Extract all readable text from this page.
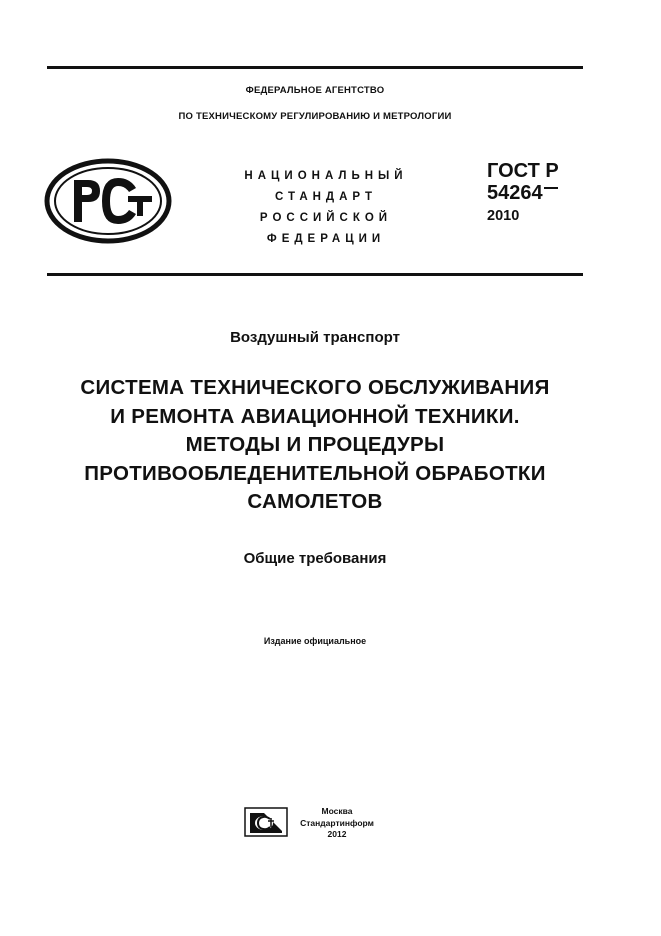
ФЕДЕРАЛЬНОЕ АГЕНТСТВО
ПО ТЕХНИЧЕСКОМУ РЕГУЛИРОВАНИЮ И МЕТРОЛОГИИ
НАЦИОНАЛЬНЫЙ
СТАНДАРТ
РОССИЙСКОЙ
ФЕДЕРАЦИИ
ГОСТ Р
54264
2010
Воздушный транспорт
СИСТЕМА ТЕХНИЧЕСКОГО ОБСЛУЖИВАНИЯ
И РЕМОНТА АВИАЦИОННОЙ ТЕХНИКИ.
МЕТОДЫ И ПРОЦЕДУРЫ
ПРОТИВООБЛЕДЕНИТЕЛЬНОЙ ОБРАБОТКИ
САМОЛЕТОВ
Общие требования
Издание официальное
Москва
Стандартинформ
2012
